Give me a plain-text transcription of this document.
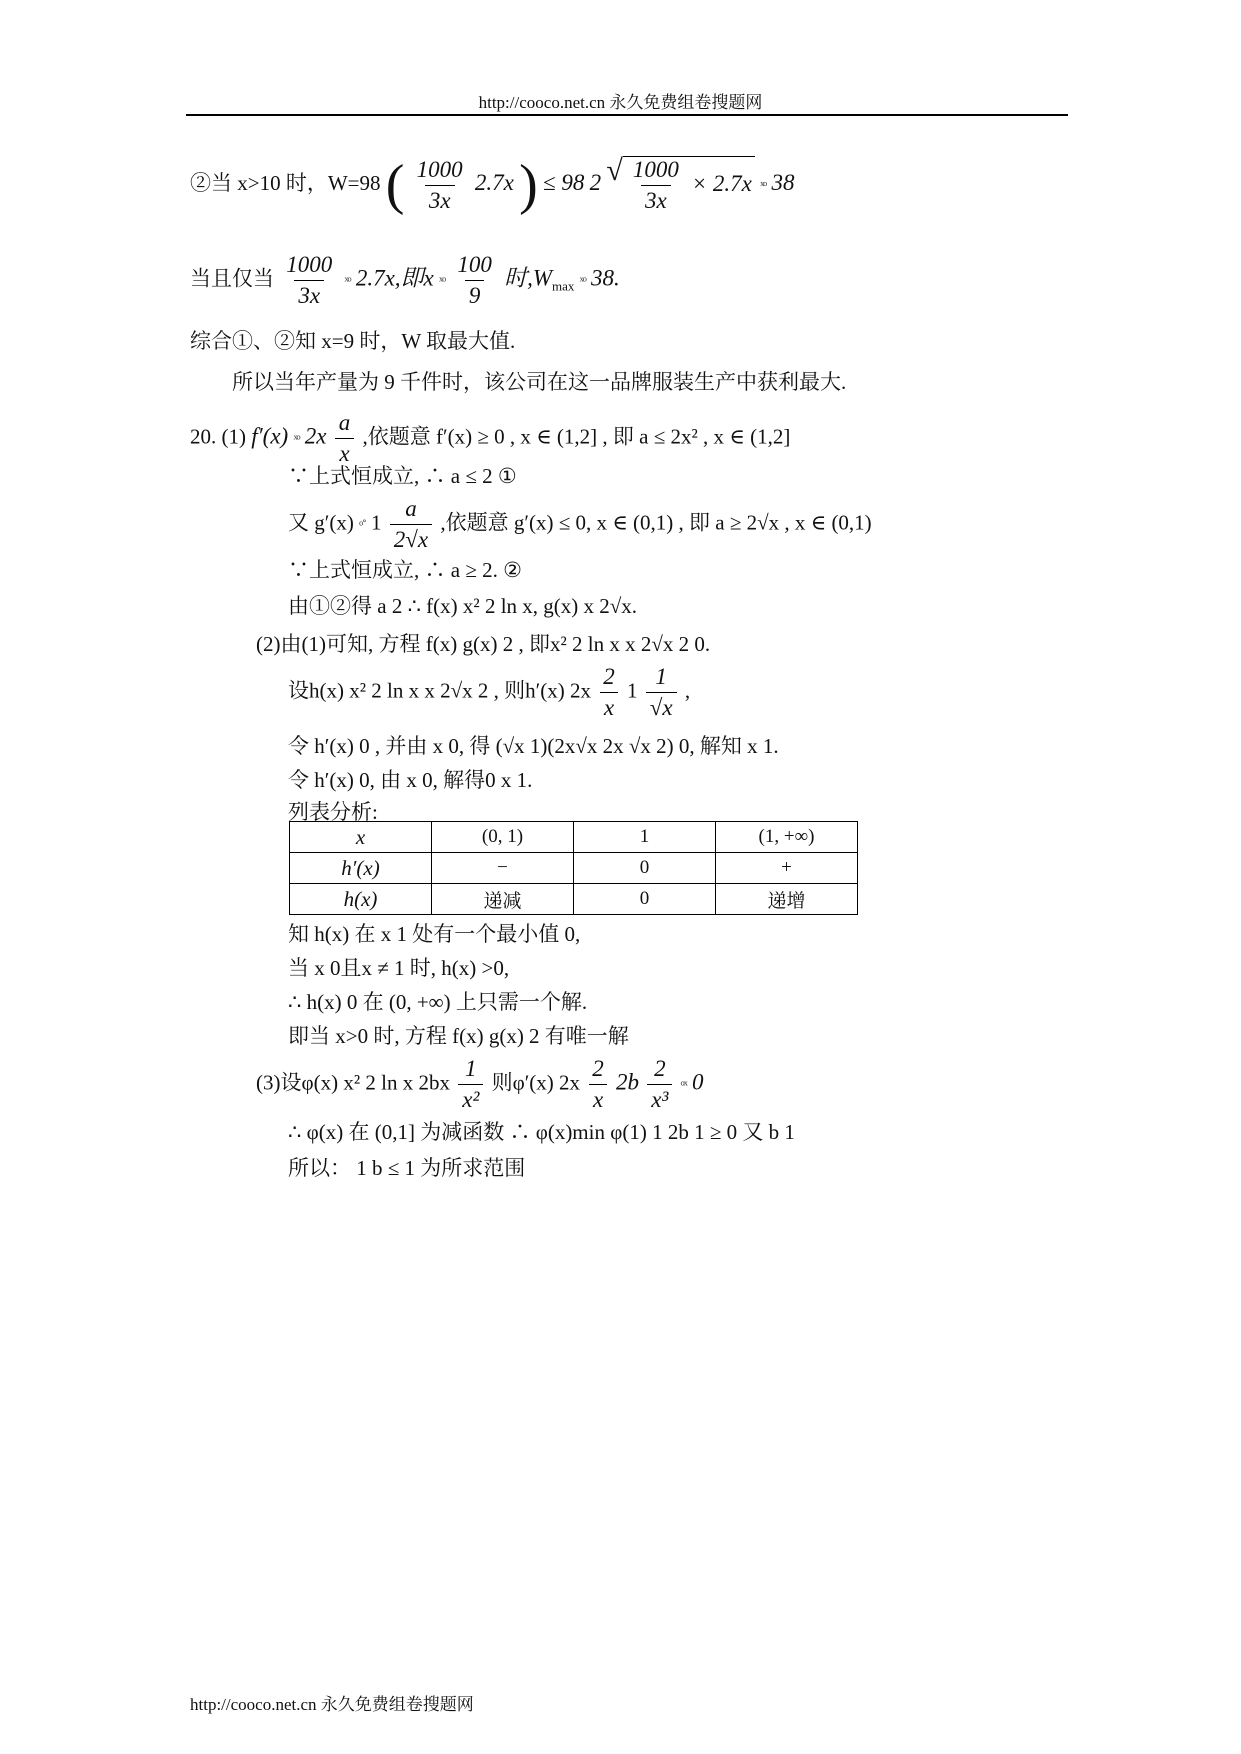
http://cooco.net.cn 永久免费组卷搜题网
②当 x>10 时，W=98 ( $\frac{1000}{3x} 2.7x$ ) ≤ 98 2 √ $\frac{1000}{3x} \times 2.7x$ ˣᵒ 38
当且仅当 $\frac{1000}{3x}$ ˣᵒ 2.7x,即x ˣᵒ $\frac{100}{9}$ 时$,W_{max}$ ˣᵒ 38.
综合①、②知 x=9 时，W 取最大值.
所以当年产量为 9 千件时，该公司在这一品牌服装生产中获利最大.
20. (1) f′(x) ˣᵒ $2x \frac{a}{x}$ ,依题意 f′(x) ≥ 0 , x ∈ (1,2] , 即 a ≤ 2x² , x ∈ (1,2]
∵上式恒成立, ∴ a ≤ 2 ①
又 g′(x) ᵒ˚ $1 \frac{a}{2√x}$ ,依题意 g′(x) ≤ 0, x ∈ (0,1) , 即 a ≥ 2√x , x ∈ (0,1)
∵上式恒成立, ∴ a ≥ 2. ②
由①②得 a 2 ∴ f(x) x² 2 ln x, g(x) x 2√x.
(2)由(1)可知, 方程 f(x) g(x) 2 , 即x² 2 ln x x 2√x 2 0.
设h(x) x² 2 ln x x 2√x 2 , 则h′(x) $2x \frac{2}{x} 1 \frac{1}{√x}$ ,
令 h′(x) 0 , 并由 x 0, 得 (√x 1)(2x√x 2x √x 2) 0, 解知 x 1.
令 h′(x) 0, 由 x 0, 解得0 x 1.
列表分析:
x	(0, 1)	1	(1, +∞)
h′(x)	−	0	+
h(x)	递减	0	递增
知 h(x) 在 x 1 处有一个最小值 0,
当 x 0且x ≠ 1 时, h(x) >0,
∴ h(x) 0 在 (0, +∞) 上只需一个解.
即当 x>0 时, 方程 f(x) g(x) 2 有唯一解
(3)设φ(x) x² 2 ln x $2bx \frac{1}{\text{x²}}$ 则φ′(x) $2x \frac{2}{x} 2b \frac{2}{\text{x³}}$ ᵒˣ 0
∴ φ(x) 在 (0,1] 为减函数 ∴ φ(x)min φ(1) 1 2b 1 ≥ 0 又 b 1
所以： 1 b ≤ 1 为所求范围
http://cooco.net.cn 永久免费组卷搜题网
